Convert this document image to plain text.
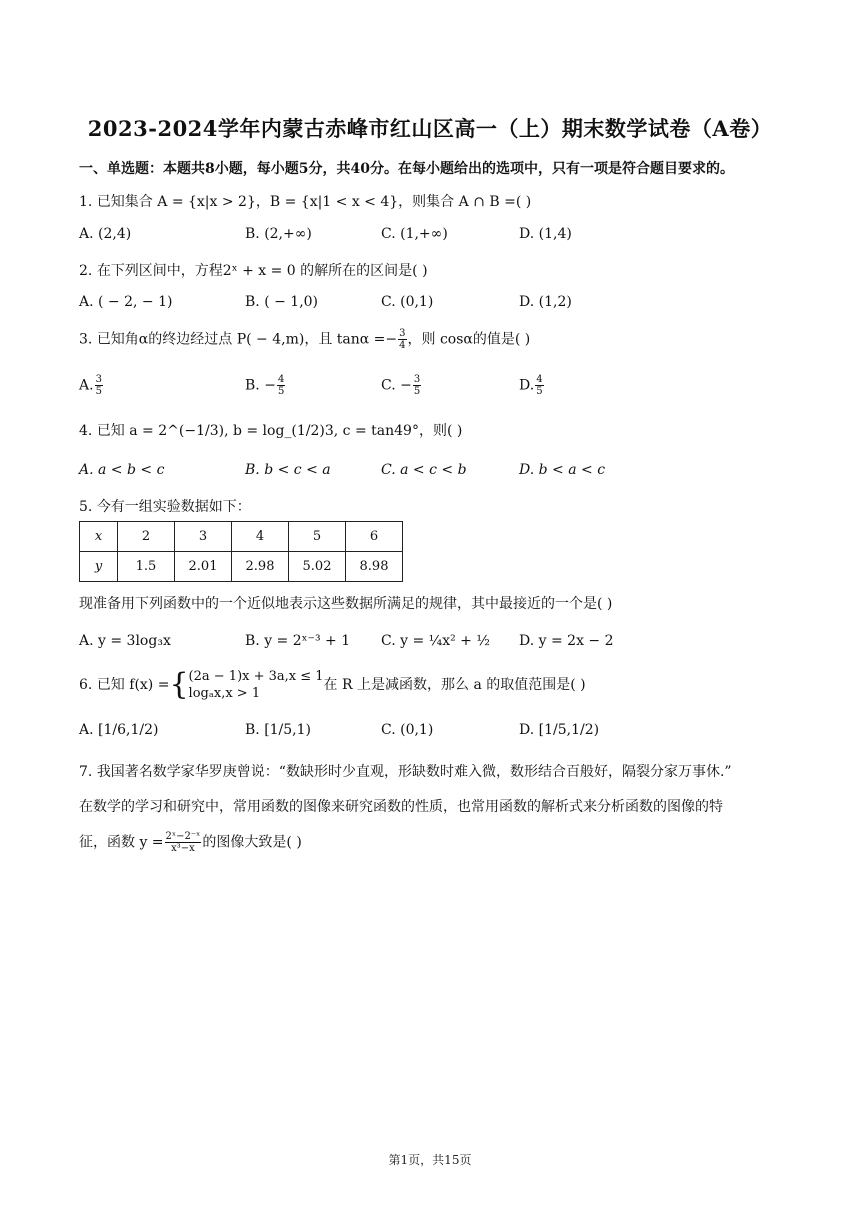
2023-2024学年内蒙古赤峰市红山区高一（上）期末数学试卷（A卷）
一、单选题：本题共8小题，每小题5分，共40分。在每小题给出的选项中，只有一项是符合题目要求的。
1. 已知集合 A = {x|x > 2}，B = {x|1 < x < 4}，则集合 A ∩ B =( )
A. (2,4)	B. (2,+∞)	C. (1,+∞)	D. (1,4)
2. 在下列区间中，方程2ˣ + x = 0 的解所在的区间是( )
A. ( − 2, − 1)	B. ( − 1,0)	C. (0,1)	D. (1,2)
3. 已知角α的终边经过点 P( − 4,m)，且 $\tan\alpha =- \frac{3}{4}$ ，则 cosα的值是( )
A. $\frac{3}{5}$	B. − $\frac{4}{5}$	C. − $\frac{3}{5}$	D. $\frac{4}{5}$
4. 已知 a = 2^(−1/3), b = log_(1/2)3, c = tan49°，则( )
A. a < b < c	B. b < c < a	C. a < c < b	D. b < a < c
5. 今有一组实验数据如下：
x	2	3	4	5	6
y	1.5	2.01	2.98	5.02	8.98
现准备用下列函数中的一个近似地表示这些数据所满足的规律，其中最接近的一个是( )
A. y = 3log₃x	B. y = 2ˣ⁻³ + 1 C. y = ¼x² + ½ D. y = 2x − 2
6. 已知 f(x) ={ (2a − 1)x + 3a,x ≤ 1
logₐx,x > 1
在 R 上是减函数，那么 a 的取值范围是( )
A. [1/6,1/2)	B. [1/5,1)	C. (0,1)	D. [1/5,1/2)
7. 我国著名数学家华罗庚曾说：“数缺形时少直观，形缺数时难入微，数形结合百般好，隔裂分家万事休.”
在数学的学习和研究中，常用函数的图像来研究函数的性质，也常用函数的解析式来分析函数的图像的特
征，函数 $y = \frac{\text{2ˣ−2⁻ˣ}}{\text{x³−x}}$ 的图像大致是( )
第1页，共15页
